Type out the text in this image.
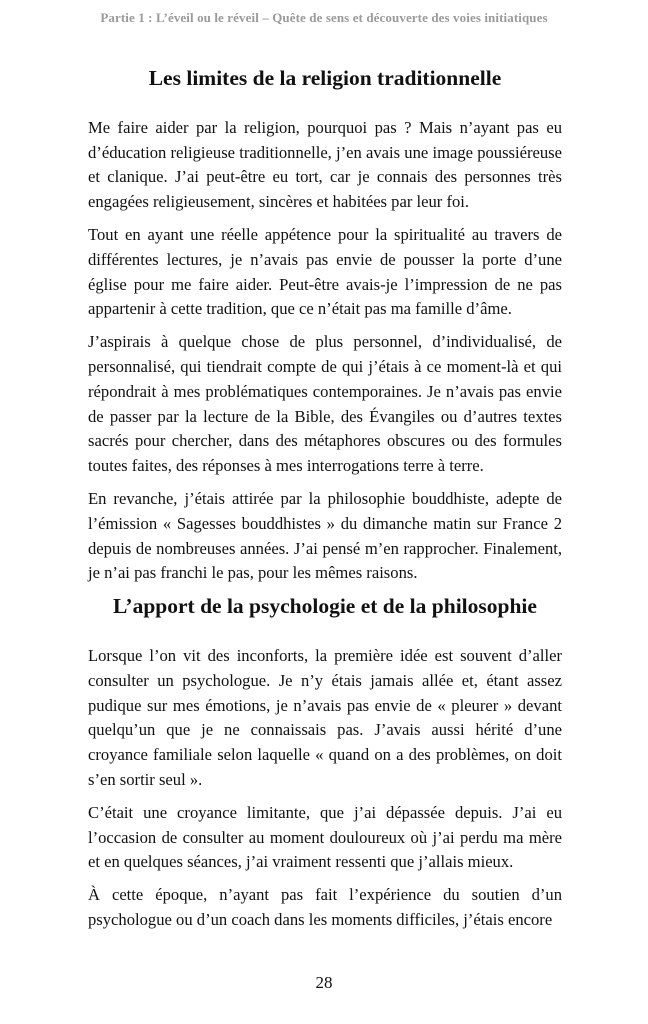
Partie 1 : L’éveil ou le réveil – Quête de sens et découverte des voies initiatiques
Les limites de la religion traditionnelle

Me faire aider par la religion, pourquoi pas ? Mais n’ayant pas eu d’éducation religieuse traditionnelle, j’en avais une image poussiéreuse et clanique. J’ai peut-être eu tort, car je connais des personnes très engagées religieusement, sincères et habitées par leur foi.

Tout en ayant une réelle appétence pour la spiritualité au travers de différentes lectures, je n’avais pas envie de pousser la porte d’une église pour me faire aider. Peut-être avais-je l’impression de ne pas appartenir à cette tradition, que ce n’était pas ma famille d’âme.

J’aspirais à quelque chose de plus personnel, d’individualisé, de personnalisé, qui tiendrait compte de qui j’étais à ce moment-là et qui répondrait à mes problématiques contemporaines. Je n’avais pas envie de passer par la lecture de la Bible, des Évangiles ou d’autres textes sacrés pour chercher, dans des métaphores obscures ou des formules toutes faites, des réponses à mes interrogations terre à terre.

En revanche, j’étais attirée par la philosophie bouddhiste, adepte de l’émission « Sagesses bouddhistes » du dimanche matin sur France 2 depuis de nombreuses années. J’ai pensé m’en rapprocher. Finalement, je n’ai pas franchi le pas, pour les mêmes raisons.

L’apport de la psychologie et de la philosophie

Lorsque l’on vit des inconforts, la première idée est souvent d’aller consulter un psychologue. Je n’y étais jamais allée et, étant assez pudique sur mes émotions, je n’avais pas envie de « pleurer » devant quelqu’un que je ne connaissais pas. J’avais aussi hérité d’une croyance familiale selon laquelle « quand on a des problèmes, on doit s’en sortir seul ».

C’était une croyance limitante, que j’ai dépassée depuis. J’ai eu l’occasion de consulter au moment douloureux où j’ai perdu ma mère et en quelques séances, j’ai vraiment ressenti que j’allais mieux.

À cette époque, n’ayant pas fait l’expérience du soutien d’un psychologue ou d’un coach dans les moments difficiles, j’étais encore

28
